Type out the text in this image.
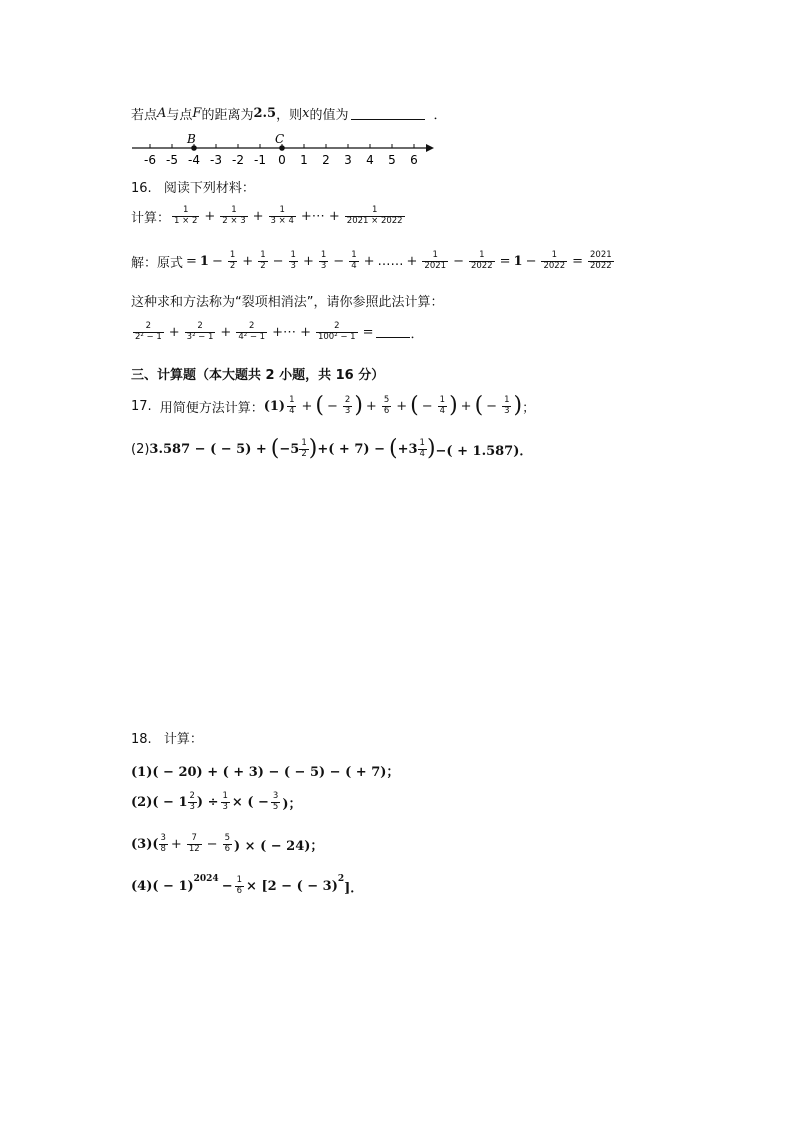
若点 A 与点 F 的距离为 2.5 ，则 x 的值为	．
-6 -5 -4 -3 -2 -1 0 1 2 3 4 5 6
B	C
16. 阅读下列材料：
计算： $\frac{1}{1 \times 2} + \frac{1}{2 \times 3} + \frac{1}{3 \times 4}$ +⋯ + $\frac{1}{2021 \times 2022}$
解：原式 = $1 - \frac{1}{2} + \frac{1}{2} - \frac{1}{3} + \frac{1}{3} - \frac{1}{4}$ + …… + $\frac{1}{2021} - \frac{1}{2022} = 1 - \frac{1}{2022} = \frac{2021}{2022}$
这种求和方法称为“裂项相消法”，请你参照此法计算：
$\frac{2}{\text{2² − 1}} + \frac{2}{\text{3² − 1}} + \frac{2}{\text{4² − 1}}$ +⋯ + $\frac{2}{\text{100² − 1}}$ =	．
三、计算题（本大题共 2 小题，共 16 分）
17. 用简便方法计算： $(1) \frac{1}{4}$ + ( − $\frac{2}{3}$ ) + $\frac{5}{6}$ + ( − $\frac{1}{4}$ ) + ( − $\frac{1}{3}$ ) ；
(2) 3.587 − ( − 5) + ( $-5 \frac{1}{2}$ ) +( + 7) − ( $+3 \frac{1}{4}$ ) −( + 1.587)．
18. 计算：
(1)( − 20) + ( + 3) − ( − 5) − ( + 7)；
$(2)( - 1 \frac{2}{3}$ ) ÷ $\frac{1}{3}$ × ( − $\frac{3}{5}$ )；
$(3)( \frac{3}{8} + \frac{7}{12} - \frac{5}{6}$ ) × ( − 24)；
$(4)( - 1)^{2024} - \frac{1}{6} \times [2$ − ( − 3)$^2$
]．
